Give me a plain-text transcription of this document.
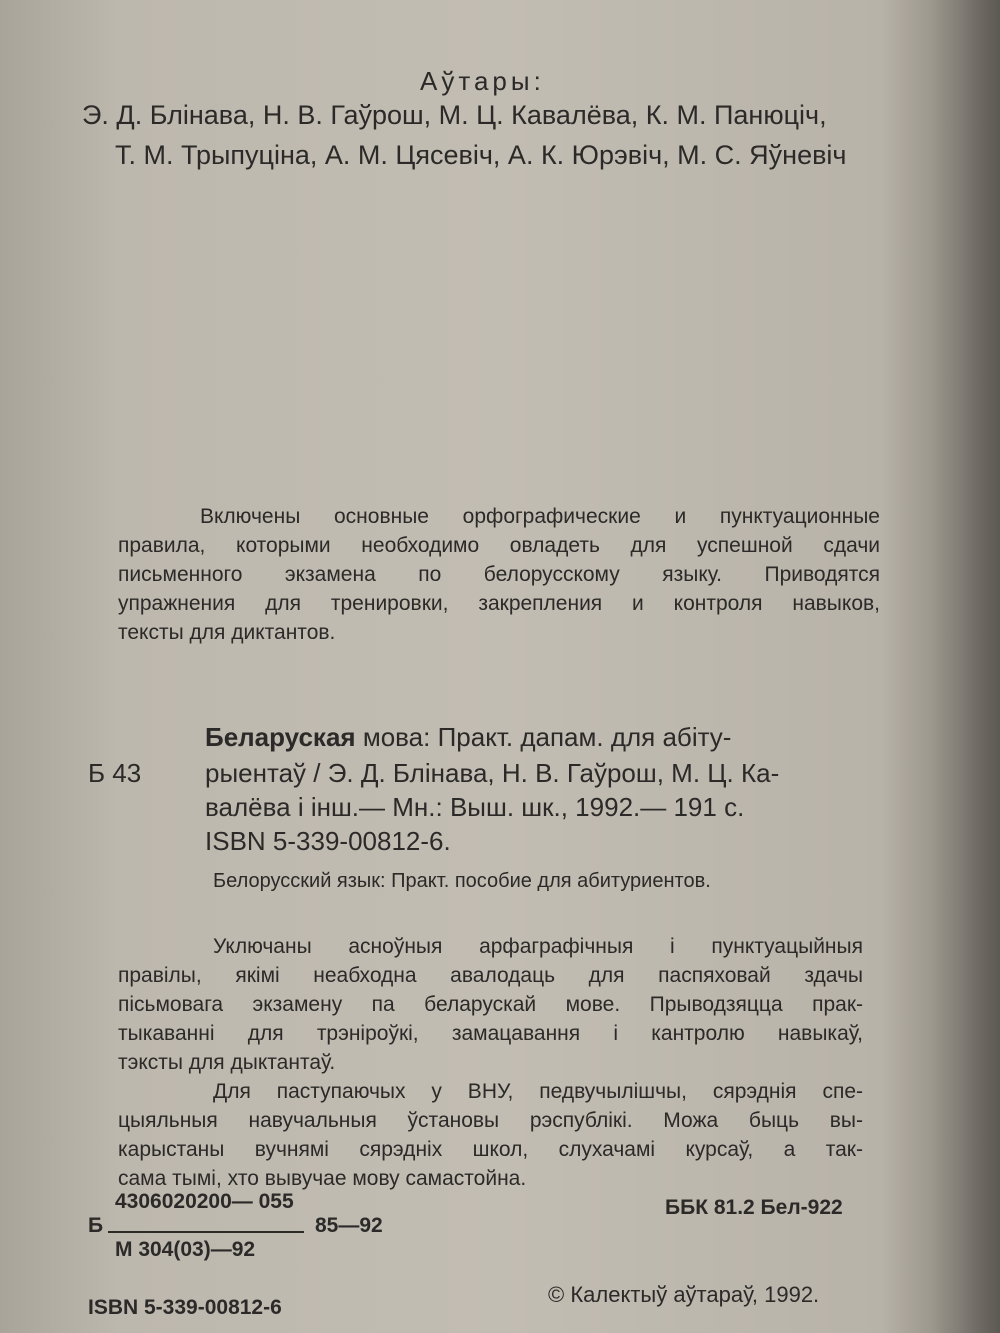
Аўтары:
Э. Д. Блінава, Н. В. Гаўрош, М. Ц. Кавалёва, К. М. Панюціч,
Т. М. Трыпуціна, А. М. Цясевіч, А. К. Юрэвіч, М. С. Яўневіч
Включены основные орфографические и пунктуационные
правила, которыми необходимо овладеть для успешной сдачи
письменного экзамена по белорусскому языку. Приводятся
упражнения для тренировки, закрепления и контроля навыков,
тексты для диктантов.
Беларуская мова: Практ. дапам. для абіту-
Б 43 рыентаў / Э. Д. Блінава, Н. В. Гаўрош, М. Ц. Ка-
валёва і інш.— Мн.: Выш. шк., 1992.— 191 с.
ISBN 5-339-00812-6.
Белорусский язык: Практ. пособие для абитуриентов.
Уключаны асноўныя арфаграфічныя і пунктуацыйныя
правілы, якімі неабходна авалодаць для паспяховай здачы
пісьмовага экзамену па беларускай мове. Прыводзяцца прак-
тыкаванні для трэніроўкі, замацавання і кантролю навыкаў,
тэксты для дыктантаў.
Для паступаючых у ВНУ, педвучылішчы, сярэднія спе-
цыяльныя навучальныя ўстановы рэспублікі. Можа быць вы-
карыстаны вучнямі сярэдніх школ, слухачамі курсаў, а так-
сама тымі, хто вывучае мову самастойна.
4306020200— 055
Б
М 304(03)—92
85—92
ББК 81.2 Бел-922
ISBN 5-339-00812-6
© Калектыў аўтараў, 1992.
